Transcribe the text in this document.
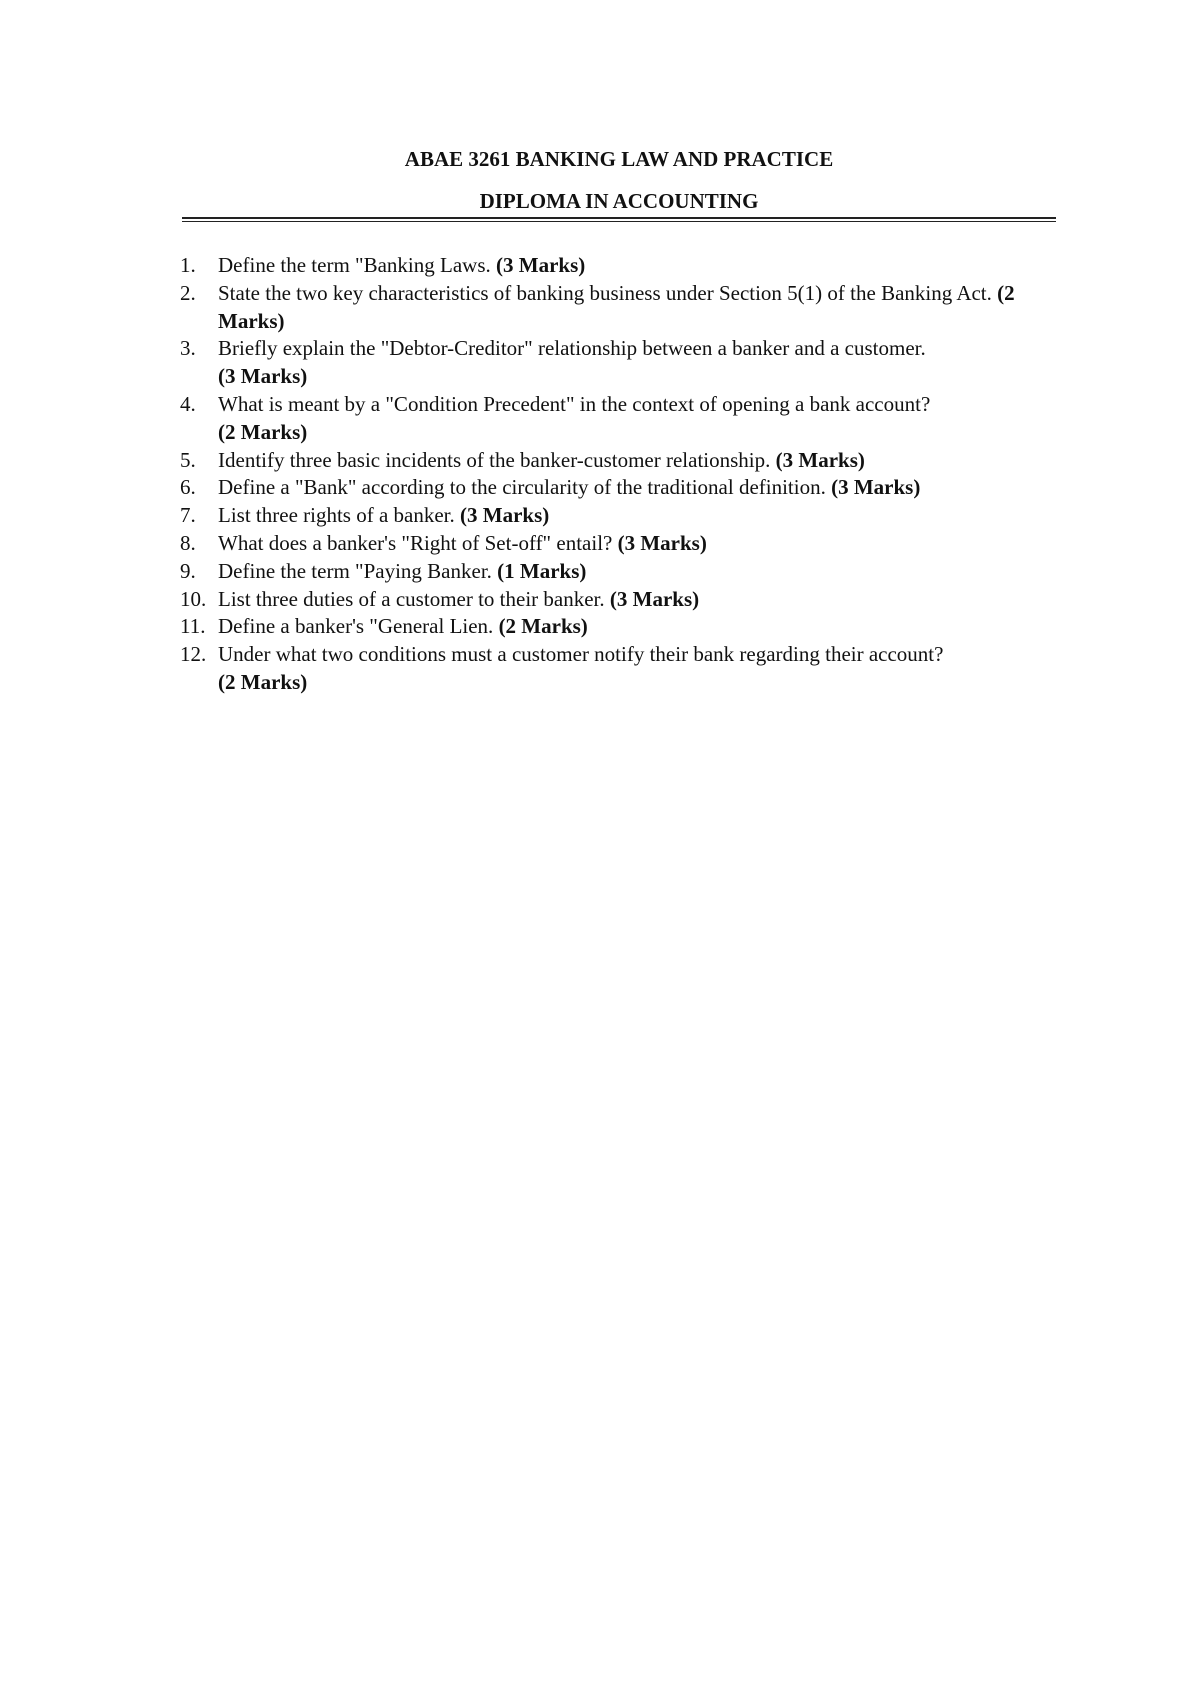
ABAE 3261 BANKING LAW AND PRACTICE

DIPLOMA IN ACCOUNTING

1.	Define the term "Banking Laws. (3 Marks)
2.	State the two key characteristics of banking business under Section 5(1) of the Banking Act. (2 Marks)
3.	Briefly explain the "Debtor-Creditor" relationship between a banker and a customer.
(3 Marks)
4.	What is meant by a "Condition Precedent" in the context of opening a bank account?
(2 Marks)
5.	Identify three basic incidents of the banker-customer relationship. (3 Marks)
6.	Define a "Bank" according to the circularity of the traditional definition. (3 Marks)
7.	List three rights of a banker. (3 Marks)
8.	What does a banker's "Right of Set-off" entail? (3 Marks)
9.	Define the term "Paying Banker. (1 Marks)
10. List three duties of a customer to their banker. (3 Marks)
11. Define a banker's "General Lien. (2 Marks)
12. Under what two conditions must a customer notify their bank regarding their account?
(2 Marks)
